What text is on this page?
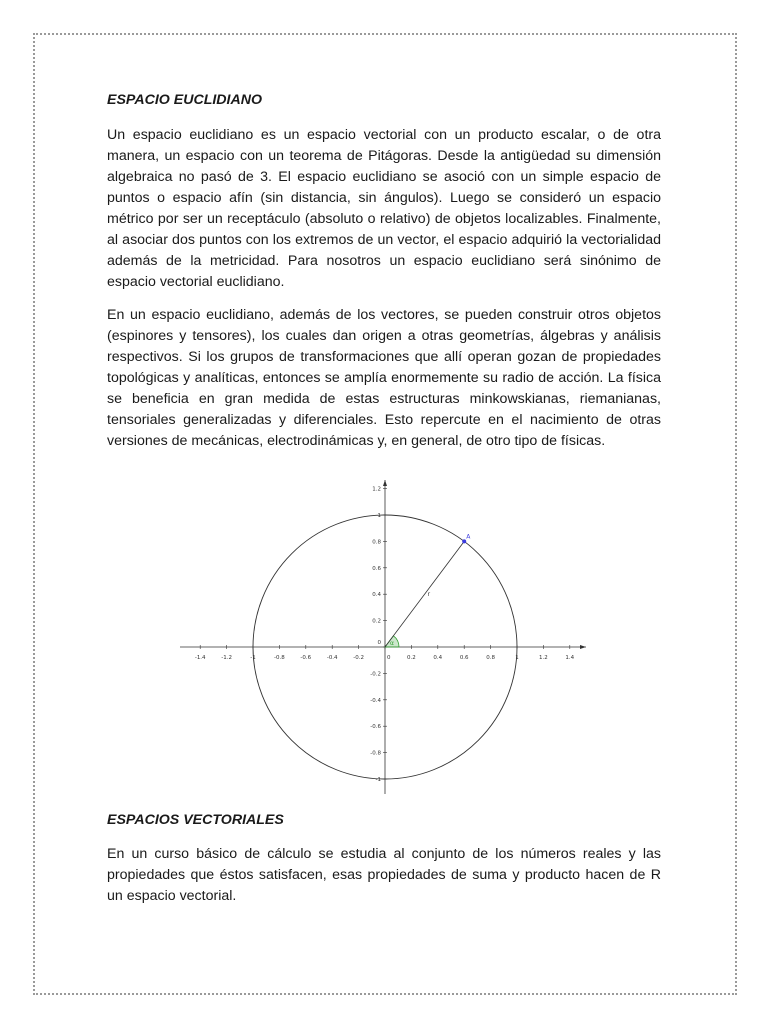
ESPACIO EUCLIDIANO

Un espacio euclidiano es un espacio vectorial con un producto escalar, o de otra manera, un espacio con un teorema de Pitágoras. Desde la antigüedad su dimensión algebraica no pasó de 3. El espacio euclidiano se asoció con un simple espacio de puntos o espacio afín (sin distancia, sin ángulos). Luego se consideró un espacio métrico por ser un receptáculo (absoluto o relativo) de objetos localizables. Finalmente, al asociar dos puntos con los extremos de un vector, el espacio adquirió la vectorialidad además de la metricidad. Para nosotros un espacio euclidiano será sinónimo de espacio vectorial euclidiano.

En un espacio euclidiano, además de los vectores, se pueden construir otros objetos (espinores y tensores), los cuales dan origen a otras geometrías, álgebras y análisis respectivos. Si los grupos de transformaciones que allí operan gozan de propiedades topológicas y analíticas, entonces se amplía enormemente su radio de acción. La física se beneficia en gran medida de estas estructuras minkowskianas, riemanianas, tensoriales generalizadas y diferenciales. Esto repercute en el nacimiento de otras versiones de mecánicas, electrodinámicas y, en general, de otro tipo de físicas.

-1.4	-1.2	-1	-0.8	-0.6	-0.4	-0.2	0	0.2	0.4	0.6	0.8	1	1.2	1.4
1.2
1
0.8
0.6
0.4
0.2
-0.2
-0.4
-0.6
-0.8
-1
0 α
r
A

ESPACIOS VECTORIALES

En un curso básico de cálculo se estudia al conjunto de los números reales y las propiedades que éstos satisfacen, esas propiedades de suma y producto hacen de R un espacio vectorial.
